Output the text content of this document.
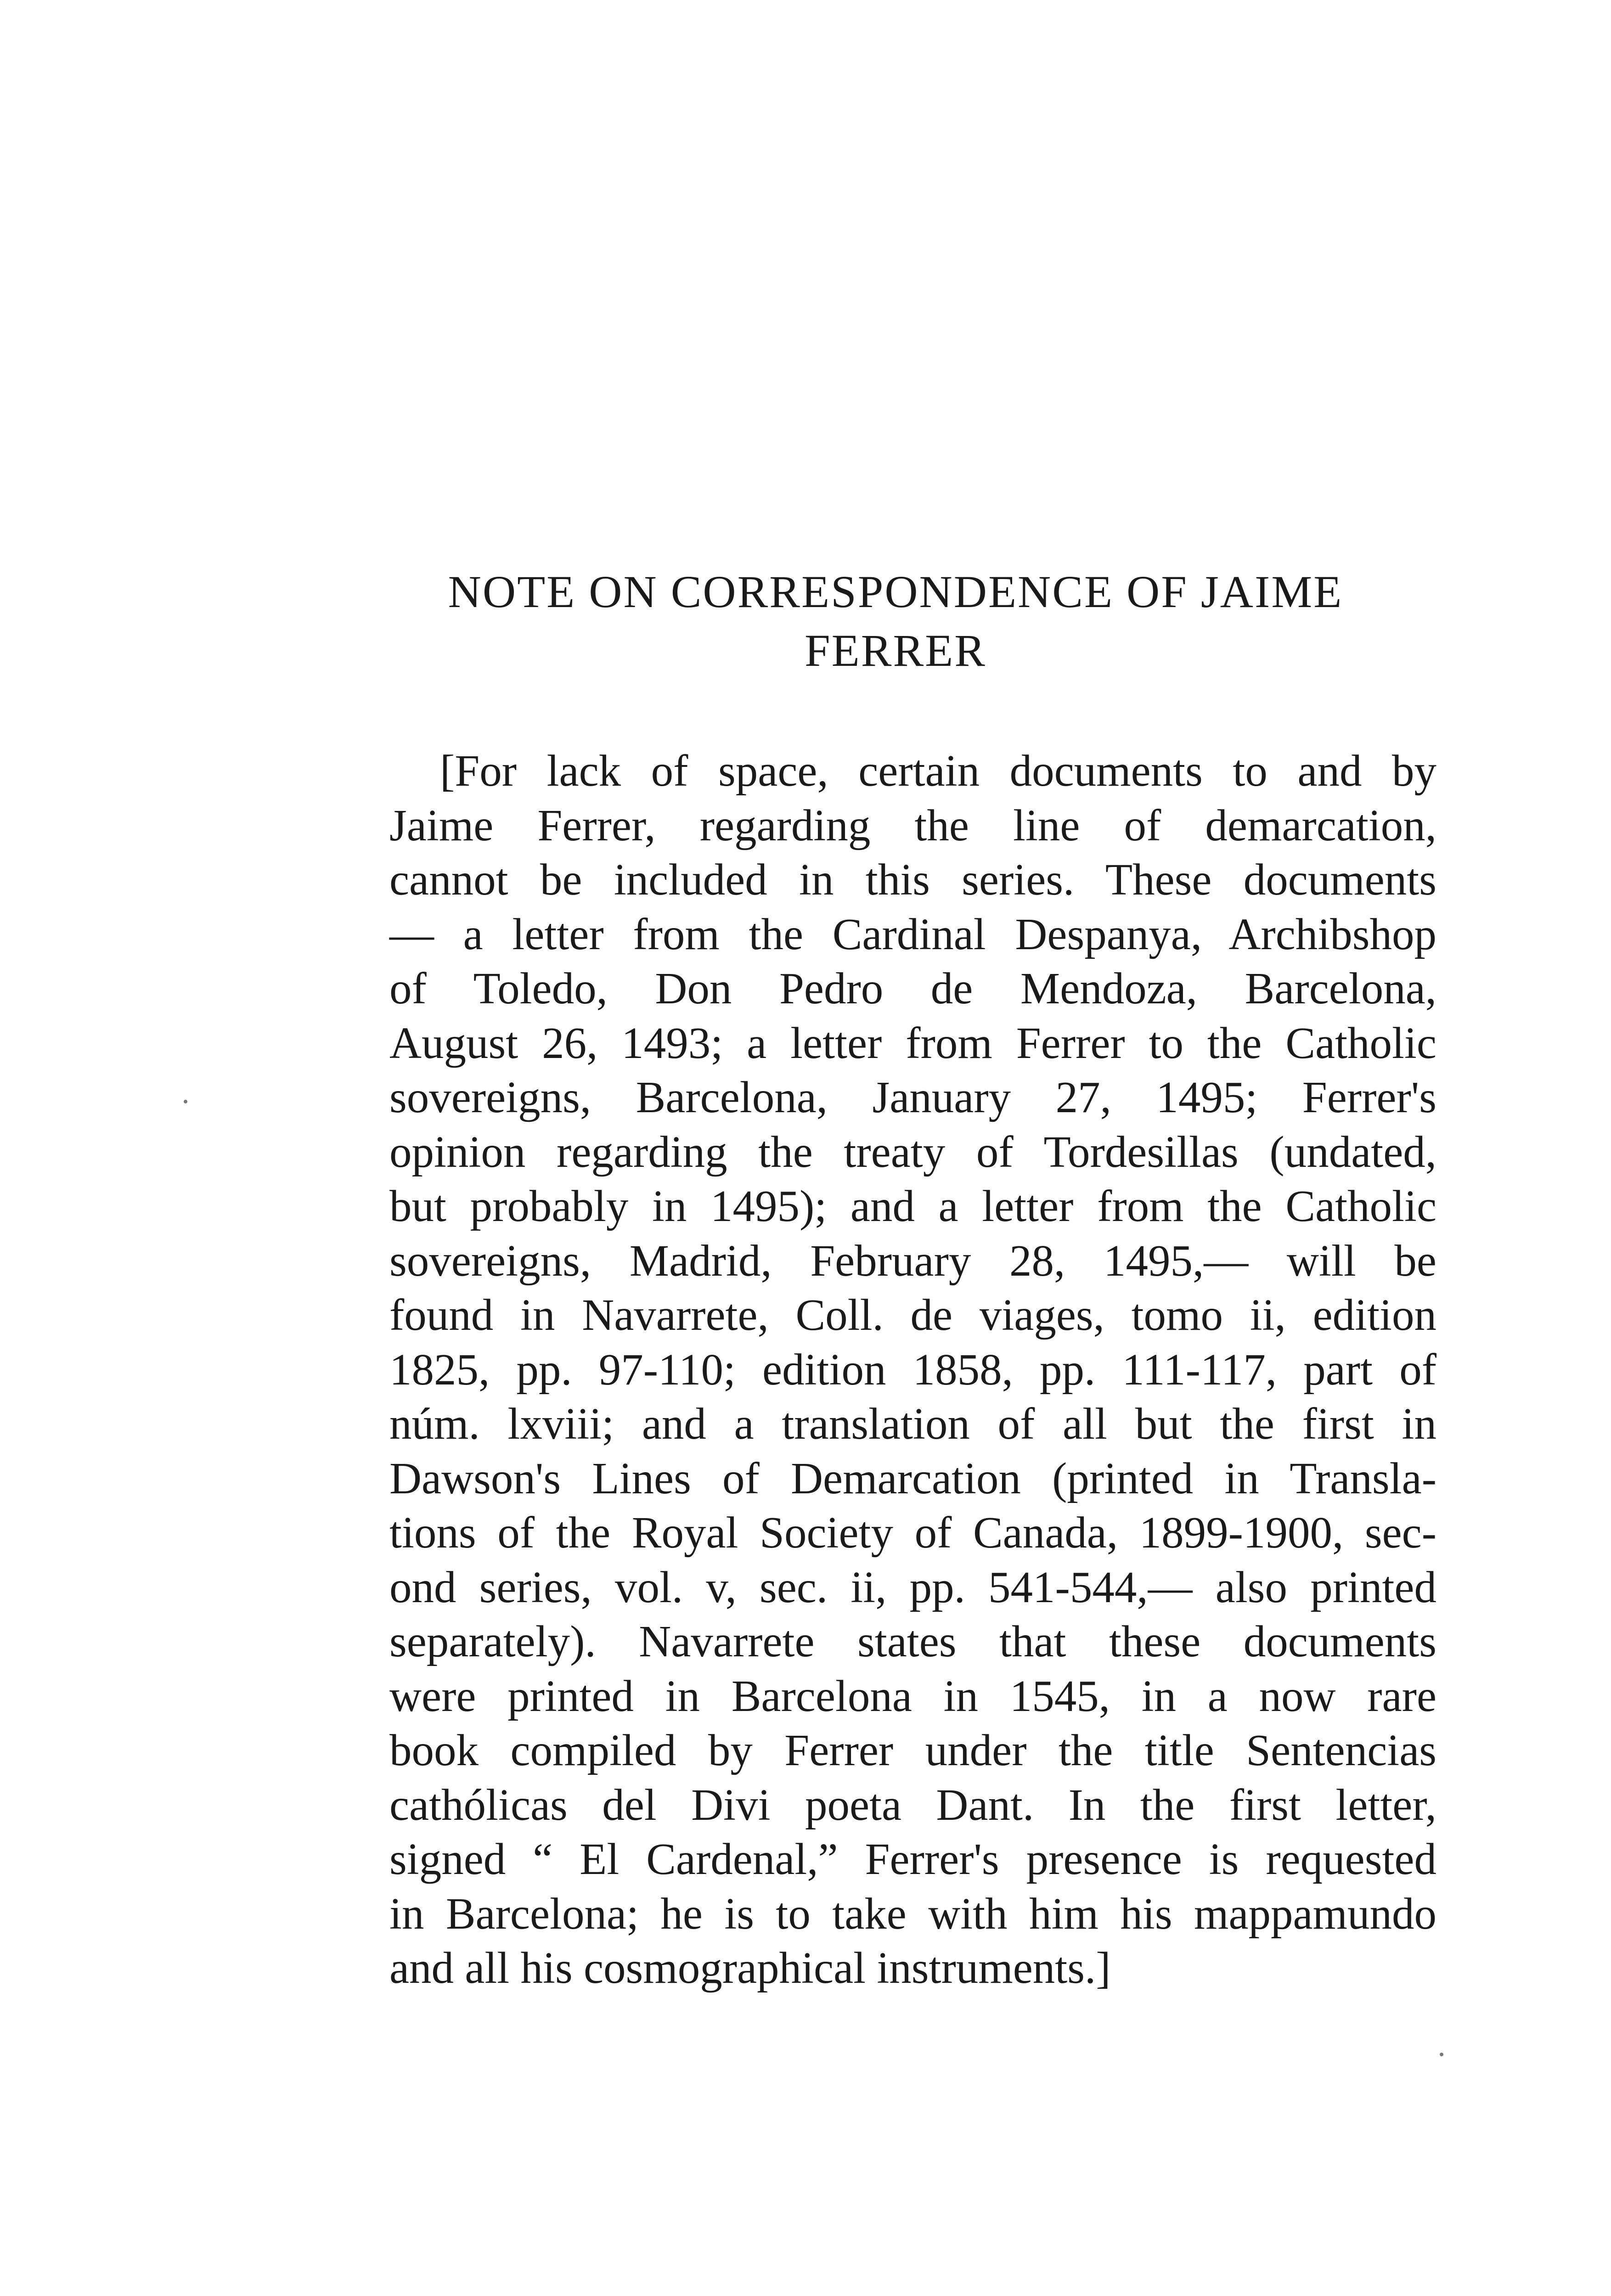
NOTE ON CORRESPONDENCE OF JAIME
FERRER
[For lack of space, certain documents to and by
Jaime Ferrer, regarding the line of demarcation,
cannot be included in this series. These documents
— a letter from the Cardinal Despanya, Archibshop
of Toledo, Don Pedro de Mendoza, Barcelona,
August 26, 1493; a letter from Ferrer to the Catholic
sovereigns, Barcelona, January 27, 1495; Ferrer's
opinion regarding the treaty of Tordesillas (undated,
but probably in 1495); and a letter from the Catholic
sovereigns, Madrid, February 28, 1495,— will be
found in Navarrete, Coll. de viages, tomo ii, edition
1825, pp. 97-110; edition 1858, pp. 111-117, part of
núm. lxviii; and a translation of all but the first in
Dawson's Lines of Demarcation (printed in Transla-
tions of the Royal Society of Canada, 1899-1900, sec-
ond series, vol. v, sec. ii, pp. 541-544,— also printed
separately). Navarrete states that these documents
were printed in Barcelona in 1545, in a now rare
book compiled by Ferrer under the title Sentencias
cathólicas del Divi poeta Dant. In the first letter,
signed “ El Cardenal,” Ferrer's presence is requested
in Barcelona; he is to take with him his mappamundo
and all his cosmographical instruments.]
